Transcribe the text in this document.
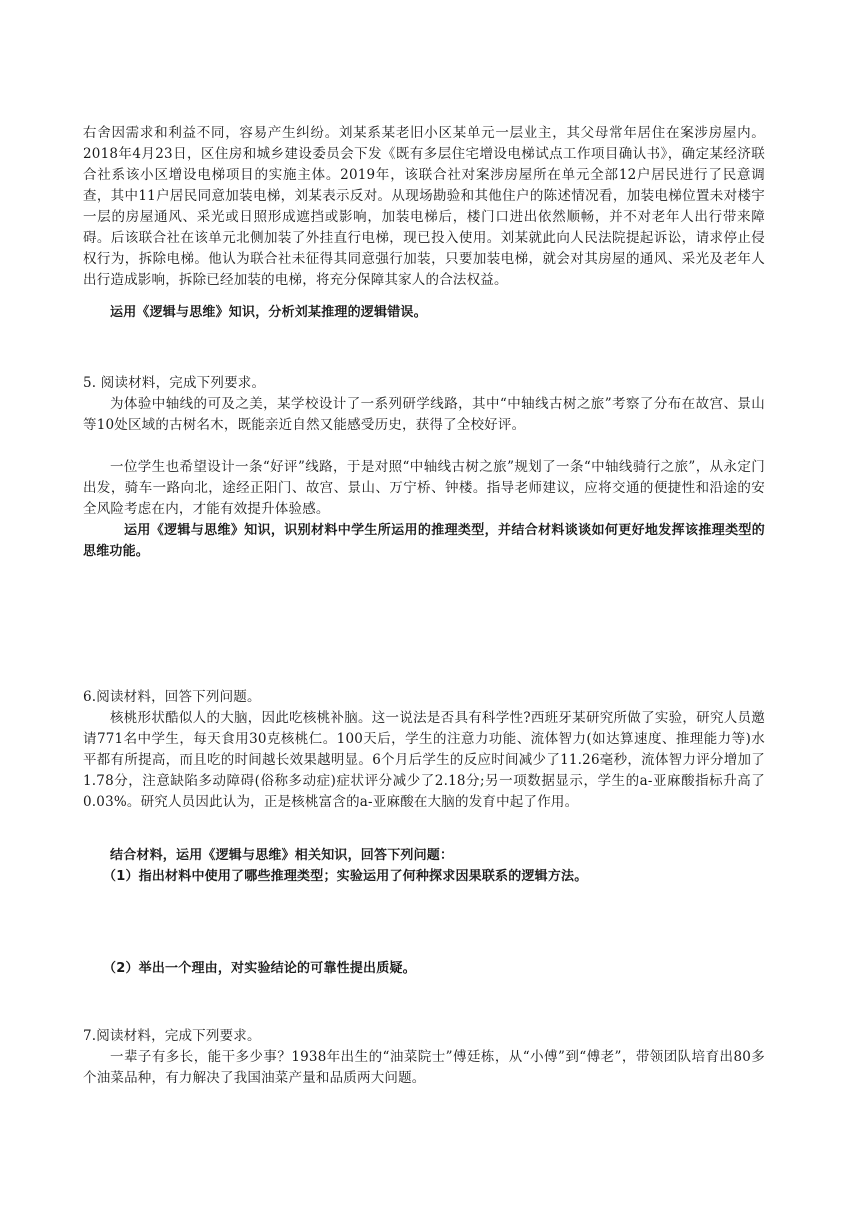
右舍因需求和利益不同，容易产生纠纷。刘某系某老旧小区某单元一层业主，其父母常年居住在案涉房屋内。2018年4月23日，区住房和城乡建设委员会下发《既有多层住宅增设电梯试点工作项目确认书》，确定某经济联合社系该小区增设电梯项目的实施主体。2019年，该联合社对案涉房屋所在单元全部12户居民进行了民意调查，其中11户居民同意加装电梯，刘某表示反对。从现场勘验和其他住户的陈述情况看，加装电梯位置未对楼宇一层的房屋通风、采光或日照形成遮挡或影响，加装电梯后，楼门口进出依然顺畅，并不对老年人出行带来障碍。后该联合社在该单元北侧加装了外挂直行电梯，现已投入使用。刘某就此向人民法院提起诉讼，请求停止侵权行为，拆除电梯。他认为联合社未征得其同意强行加装，只要加装电梯，就会对其房屋的通风、采光及老年人出行造成影响，拆除已经加装的电梯，将充分保障其家人的合法权益。

运用《逻辑与思维》知识，分析刘某推理的逻辑错误。

5. 阅读材料，完成下列要求。

为体验中轴线的可及之美，某学校设计了一系列研学线路，其中“中轴线古树之旅”考察了分布在故宫、景山等10处区域的古树名木，既能亲近自然又能感受历史，获得了全校好评。

一位学生也希望设计一条“好评”线路，于是对照“中轴线古树之旅”规划了一条“中轴线骑行之旅”，从永定门出发，骑车一路向北，途经正阳门、故宫、景山、万宁桥、钟楼。指导老师建议，应将交通的便捷性和沿途的安全风险考虑在内，才能有效提升体验感。

运用《逻辑与思维》知识，识别材料中学生所运用的推理类型，并结合材料谈谈如何更好地发挥该推理类型的思维功能。

6.阅读材料，回答下列问题。

核桃形状酷似人的大脑，因此吃核桃补脑。这一说法是否具有科学性?西班牙某研究所做了实验，研究人员邀请771名中学生，每天食用30克核桃仁。100天后，学生的注意力功能、流体智力(如达算速度、推理能力等)水平都有所提高，而且吃的时间越长效果越明显。6个月后学生的反应时间减少了11.26毫秒，流体智力评分增加了1.78分，注意缺陷多动障碍(俗称多动症)症状评分减少了2.18分;另一项数据显示，学生的a-亚麻酸指标升高了0.03%。研究人员因此认为，正是核桃富含的a-亚麻酸在大脑的发育中起了作用。

结合材料，运用《逻辑与思维》相关知识，回答下列问题：

（1）指出材料中使用了哪些推理类型；实验运用了何种探求因果联系的逻辑方法。

（2）举出一个理由，对实验结论的可靠性提出质疑。

7.阅读材料，完成下列要求。

一辈子有多长，能干多少事？1938年出生的“油菜院士”傅廷栋，从“小傅”到“傅老”，带领团队培育出80多个油菜品种，有力解决了我国油菜产量和品质两大问题。
